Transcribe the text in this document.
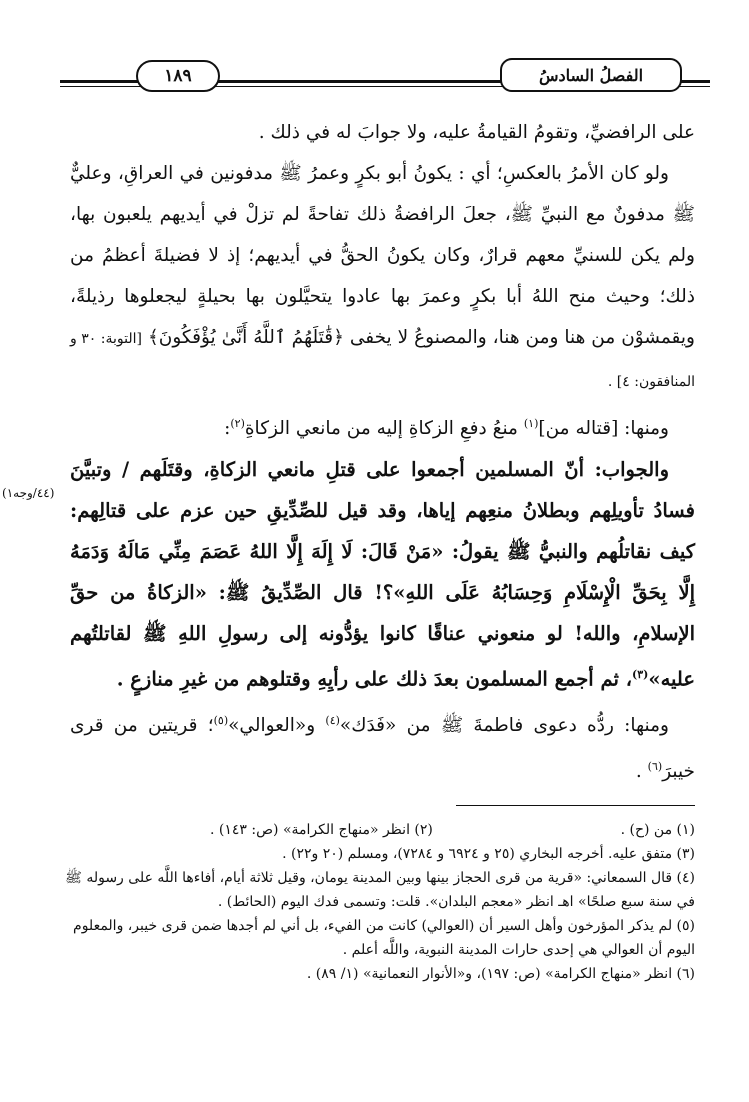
الفصلُ السادسُ
١٨٩
(٤٤/وجه١)

على الرافضيِّ، وتقومُ القيامةُ عليه، ولا جوابَ له في ذلك .

ولو كان الأمرُ بالعكسِ؛ أي : يكونُ أبو بكرٍ وعمرُ ﷺ مدفونين في العراقِ، وعليٌّ ﷺ مدفونٌ مع النبيِّ ﷺ، جعلَ الرافضةُ ذلك تفاحةً لم تزلْ في أيديهم يلعبون بها، ولم يكن للسنيِّ معهم قرارٌ، وكان يكونُ الحقُّ في أيديهم؛ إذ لا فضيلةَ أعظمُ من ذلك؛ وحيث منح اللهُ أبا بكرٍ وعمرَ بها عادوا يتحيَّلون بها بحيلةٍ ليجعلوها رذيلةً، ويقمشوْن من هنا ومن هنا، والمصنوعُ لا يخفى ﴿قَٰتَلَهُمُ ٱللَّهُ أَنَّىٰ يُؤْفَكُونَ﴾ [التوبة: ٣٠ و المنافقون: ٤] .

ومنها: [قتاله من]$^{(١)}$ منعُ دفعِ الزكاةِ إليه من مانعي الزكاةِ$^{(٢)}$:

والجواب: أنّ المسلمين أجمعوا على قتلِ مانعي الزكاةِ، وقتَلَهم / وتبيَّنَ فسادُ تأويلِهم وبطلانُ منعِهم إياها، وقد قيل للصِّدِّيقِ حين عزم على قتالِهم: كيف نقاتلُهم والنبيُّ ﷺ يقولُ: «مَنْ قَالَ: لَا إِلَهَ إِلَّا اللهُ عَصَمَ مِنِّي مَالَهُ وَدَمَهُ إِلَّا بِحَقِّ الْإِسْلَامِ وَحِسَابُهُ عَلَى اللهِ»؟! قال الصِّدِّيقُ ﷺ: «الزكاةُ من حقِّ الإسلامِ، والله! لو منعوني عناقًا كانوا يؤدُّونه إلى رسولِ اللهِ ﷺ لقاتلتُهم عليه»$^{(٣)}$، ثم أجمع المسلمون بعدَ ذلك على رأيِهِ وقتلوهم من غيرِ منازعٍ .

ومنها: ردُّه دعوى فاطمةَ ﷺ من «فَدَك»$^{(٤)}$ و«العوالي»$^{(٥)}$؛ قريتين من قرى خيبرَ$^{(٦)}$ .

(١) من (ح) .

(٢) انظر «منهاج الكرامة» (ص: ١٤٣) .

(٣) متفق عليه. أخرجه البخاري (٢٥ و ٦٩٢٤ و ٧٢٨٤)، ومسلم (٢٠ و٢٢) .

(٤) قال السمعاني: «قرية من قرى الحجاز بينها وبين المدينة يومان، وقيل ثلاثة أيام، أفاءها اللَّه على رسوله ﷺ في سنة سبع صلحًا» اهـ انظر «معجم البلدان». قلت: وتسمى فدك اليوم (الحائط) .

(٥) لم يذكر المؤرخون وأهل السير أن (العوالي) كانت من الفيء، بل أني لم أجدها ضمن قرى خيبر، والمعلوم اليوم أن العوالي هي إحدى حارات المدينة النبوية، واللَّه أعلم .

(٦) انظر «منهاج الكرامة» (ص: ١٩٧)، و«الأنوار النعمانية» (١/ ٨٩) .
